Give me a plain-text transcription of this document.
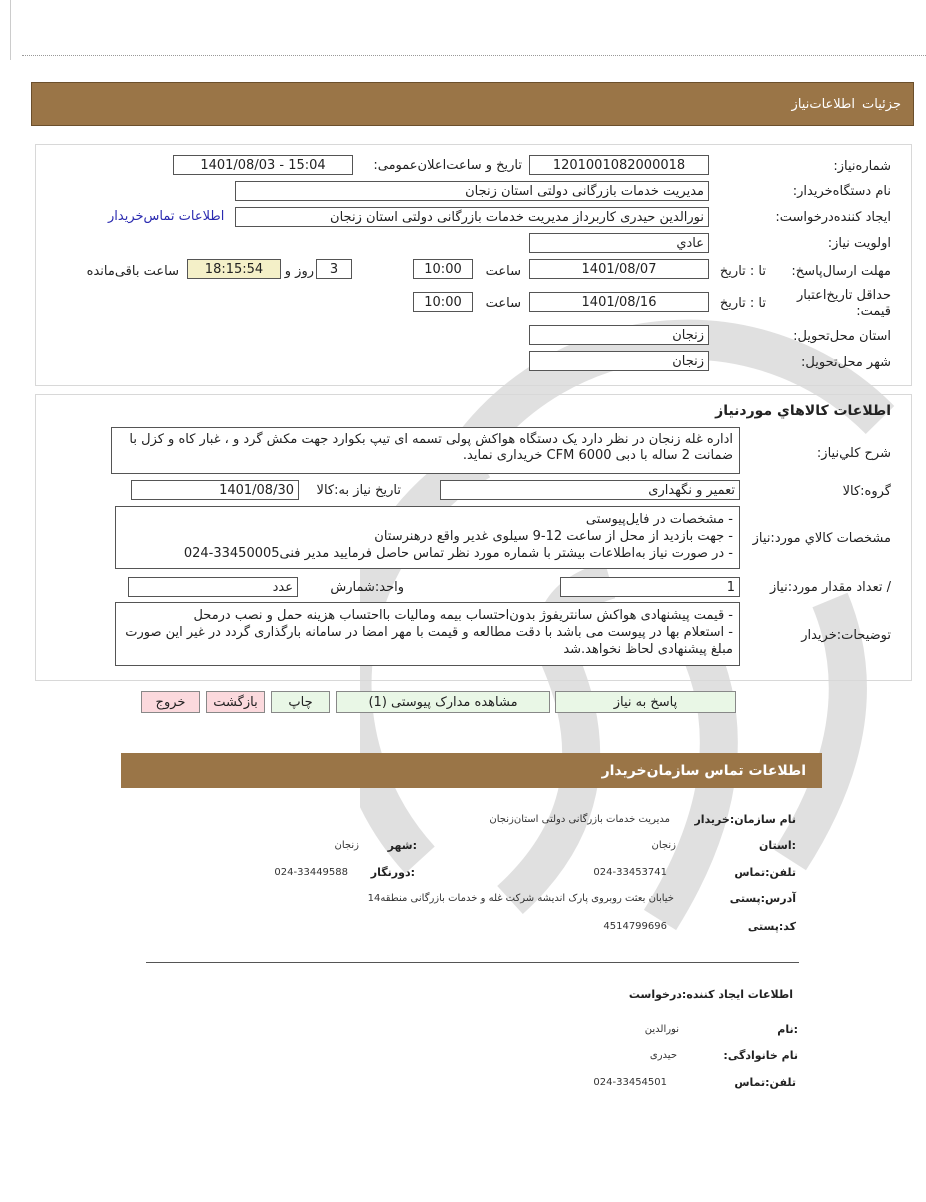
جزئیات
اطلاعات‌نیاز
شماره‌نیاز:
1201001082000018
تاریخ و ساعت‌اعلان‌عمومی:
1401/08/03 - 15:04
نام دستگاه‌خریدار:
مدیریت خدمات بازرگانی دولتی استان زنجان
ایجاد کننده‌درخواست:
نورالدین حیدری کاربرداز مدیریت خدمات بازرگانی دولتی استان زنجان
اطلاعات تماس‌خریدار
اولویت‌ نیاز:
عادي
مهلت ارسال‌پاسخ:
تا : تاریخ
1401/08/07
ساعت
10:00
3
روز و
18:15:54
ساعت باقی‌مانده
حداقل تاریخ‌اعتبار
قیمت:
تا : تاریخ
1401/08/16
ساعت
10:00
استان محل‌تحویل:
زنجان
شهر محل‌تحویل:
زنجان
اطلاعات کالاهاي موردنياز
شرح کلي‌نياز:
اداره غله زنجان در نظر دارد یک دستگاه هواکش پولی تسمه ای تیپ بکوارد جهت مکش گرد و ، غبار کاه و کزل با ضمانت 2 ساله با دبی CFM 6000 خریداری نماید.
گروه:کالا
تعمیر و نگهداری
تاریخ نیاز به:کالا
1401/08/30
مشخصات کالاي مورد:نياز
- مشخصات در فایل‌پیوستی
- جهت بازدید از محل از ساعت 12-9 سیلوی غدیر واقع درهنرستان
- در صورت نیاز به‌اطلاعات بیشتر با شماره مورد نظر تماس حاصل فرمایید مدیر فنی33450005-024
/ تعداد مقدار مورد:نياز
1
واحد:شمارش
عدد
توضیحات:خریدار
- قیمت پیشنهادی هواکش سانتریفوژ بدون‌احتساب بیمه ومالیات بااحتساب هزینه حمل و نصب درمحل
- استعلام بها در پیوست می باشد با دقت مطالعه و قیمت با مهر امضا در سامانه بارگذاری گردد در غیر این صورت مبلغ پیشنهادی لحاظ نخواهد.شد
پاسخ به نیاز
مشاهده مدارک پیوستی (1)
چاپ
بازگشت
خروج
اطلاعات تماس سازمان‌خریدار
نام سازمان:خریدار
مدیریت خدمات بازرگانی دولتی استان‌زنجان
:استان
زنجان
:شهر
زنجان
تلفن:تماس
024-33453741
:دورنگار
024-33449588
آدرس:پستی
خیابان بعثت روبروی پارک اندیشه شرکت غله و خدمات بازرگانی منطقه14
کد:پستی
4514799696
اطلاعات ایجاد کننده:درخواست
:نام
نورالدین
نام خانوادگی:
حیدری
تلفن:تماس
024-33454501
